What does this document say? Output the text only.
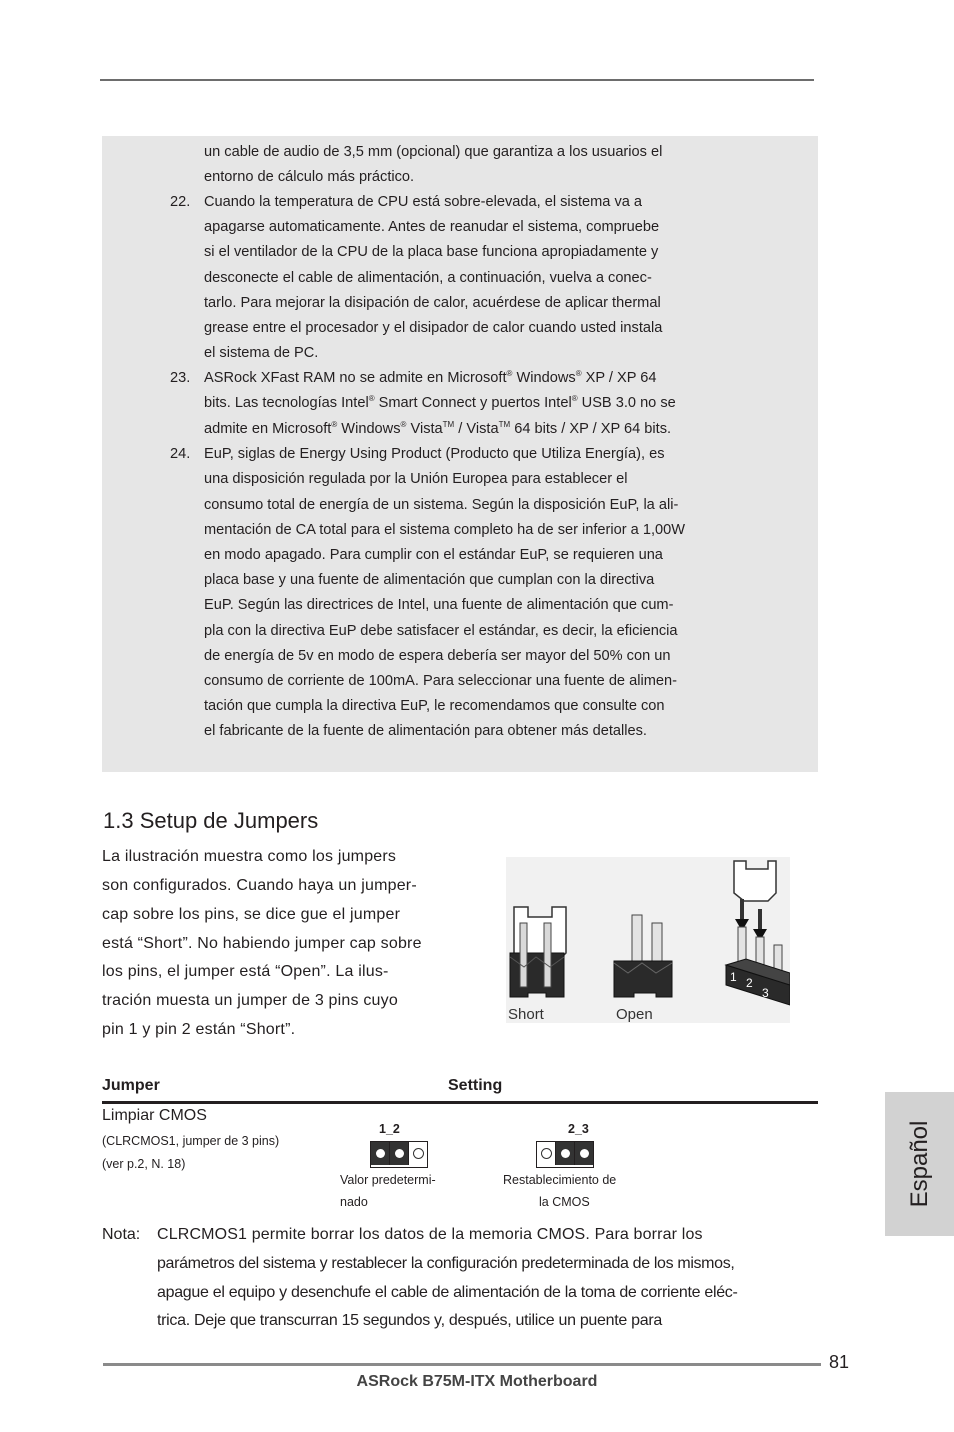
un cable de audio de 3,5 mm (opcional) que garantiza a los usuarios el
entorno de cálculo más práctico.
22. Cuando la temperatura de CPU está sobre-elevada, el sistema va a
apagarse automaticamente. Antes de reanudar el sistema, compruebe
si el ventilador de la CPU de la placa base funciona apropiadamente y
desconecte el cable de alimentación, a continuación, vuelva a conec-
tarlo. Para mejorar la disipación de calor, acuérdese de aplicar thermal
grease entre el procesador y el disipador de calor cuando usted instala
el sistema de PC.
23. ASRock XFast RAM no se admite en Microsoft® Windows® XP / XP 64
bits. Las tecnologías Intel® Smart Connect y puertos Intel® USB 3.0 no se
admite en Microsoft® Windows® Vista™ / Vista™ 64 bits / XP / XP 64 bits.
24. EuP, siglas de Energy Using Product (Producto que Utiliza Energía), es
una disposición regulada por la Unión Europea para establecer el
consumo total de energía de un sistema. Según la disposición EuP, la ali-
mentación de CA total para el sistema completo ha de ser inferior a 1,00W
en modo apagado. Para cumplir con el estándar EuP, se requieren una
placa base y una fuente de alimentación que cumplan con la directiva
EuP. Según las directrices de Intel, una fuente de alimentación que cum-
pla con la directiva EuP debe satisfacer el estándar, es decir, la eficiencia
de energía de 5v en modo de espera debería ser mayor del 50% con un
consumo de corriente de 100mA. Para seleccionar una fuente de alimen-
tación que cumpla la directiva EuP, le recomendamos que consulte con
el fabricante de la fuente de alimentación para obtener más detalles.
1.3 Setup de Jumpers
La ilustración muestra como los jumpers
son configurados. Cuando haya un jumper-
cap sobre los pins, se dice gue el jumper
está “Short”. No habiendo jumper cap sobre
los pins, el jumper está “Open”. La ilus-
tración muesta un jumper de 3 pins cuyo
pin 1 y pin 2 están “Short”.
1 2
3
Short	Open
Jumper	Setting
Limpiar CMOS
(CLRCMOS1, jumper de 3 pins)
(ver p.2, N. 18)
1_2
Valor predetermi-
nado
2_3
Restablecimiento de
la CMOS
Nota: CLRCMOS1 permite borrar los datos de la memoria CMOS. Para borrar los
parámetros del sistema y restablecer la configuración predeterminada de los mismos,
apague el equipo y desenchufe el cable de alimentación de la toma de corriente eléc-
trica. Deje que transcurran 15 segundos y, después, utilice un puente para
81
ASRock B75M-ITX Motherboard
Español
